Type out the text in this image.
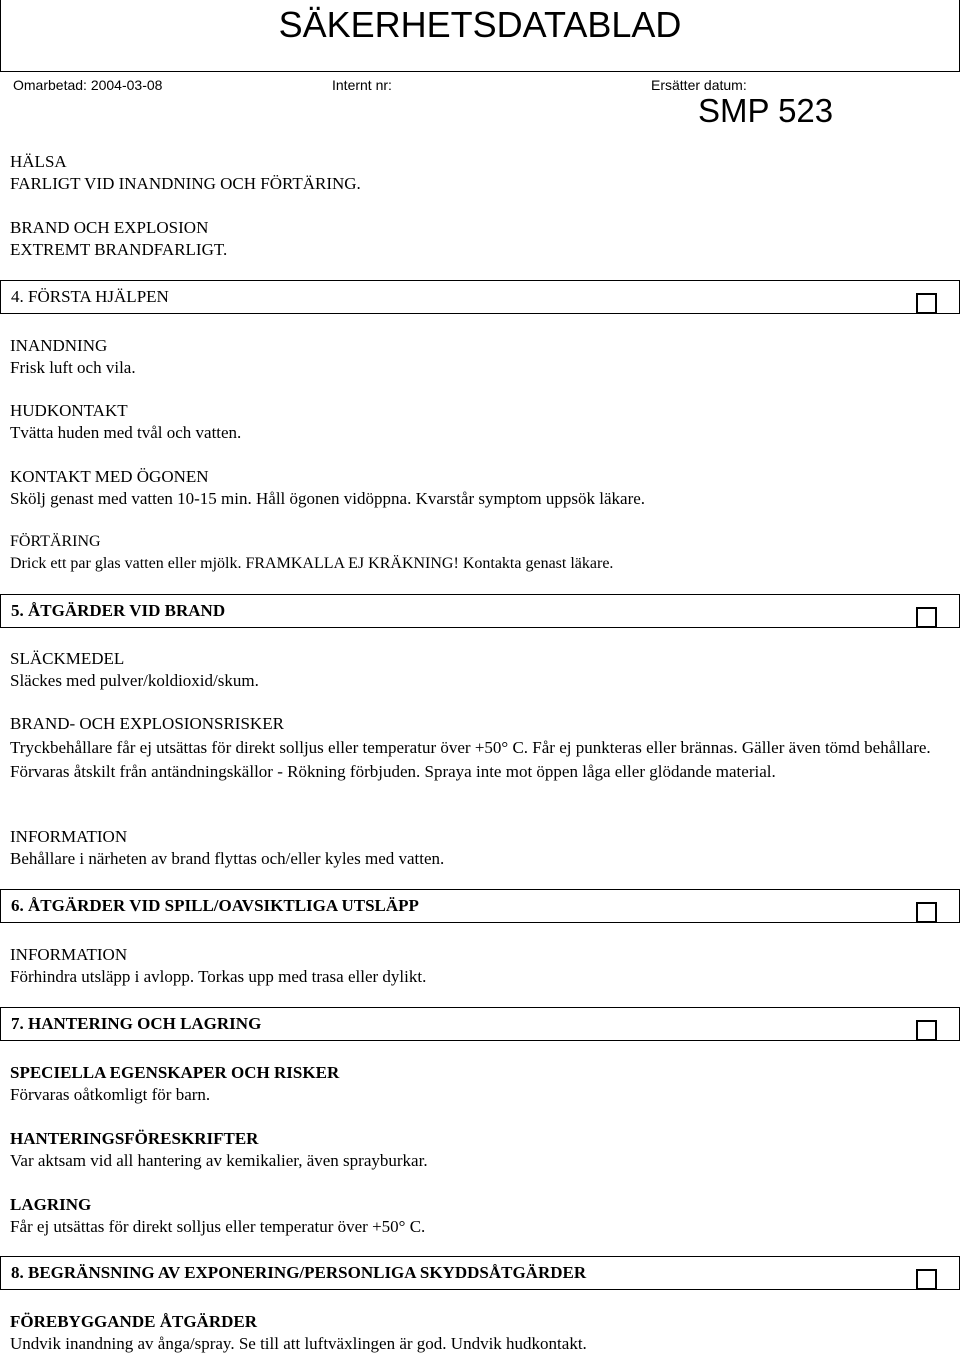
SÄKERHETSDATABLAD
Omarbetad: 2004-03-08	Internt nr:	Ersätter datum:
SMP 523
HÄLSA
FARLIGT VID INANDNING OCH FÖRTÄRING.
BRAND OCH EXPLOSION
EXTREMT BRANDFARLIGT.
4. FÖRSTA HJÄLPEN
INANDNING
Frisk luft och vila.
HUDKONTAKT
Tvätta huden med tvål och vatten.
KONTAKT MED ÖGONEN
Skölj genast med vatten 10-15 min. Håll ögonen vidöppna. Kvarstår symptom uppsök läkare.
FÖRTÄRING
Drick ett par glas vatten eller mjölk. FRAMKALLA EJ KRÄKNING! Kontakta genast läkare.
5. ÅTGÄRDER VID BRAND
SLÄCKMEDEL
Släckes med pulver/koldioxid/skum.
BRAND- OCH EXPLOSIONSRISKER
Tryckbehållare får ej utsättas för direkt solljus eller temperatur över +50° C. Får ej punkteras eller brännas. Gäller även tömd behållare. Förvaras åtskilt från antändningskällor - Rökning förbjuden. Spraya inte mot öppen låga eller glödande material.
INFORMATION
Behållare i närheten av brand flyttas och/eller kyles med vatten.
6. ÅTGÄRDER VID SPILL/OAVSIKTLIGA UTSLÄPP
INFORMATION
Förhindra utsläpp i avlopp. Torkas upp med trasa eller dylikt.
7. HANTERING OCH LAGRING
SPECIELLA EGENSKAPER OCH RISKER
Förvaras oåtkomligt för barn.
HANTERINGSFÖRESKRIFTER
Var aktsam vid all hantering av kemikalier, även sprayburkar.
LAGRING
Får ej utsättas för direkt solljus eller temperatur över +50° C.
8. BEGRÄNSNING AV EXPONERING/PERSONLIGA SKYDDSÅTGÄRDER
FÖREBYGGANDE ÅTGÄRDER
Undvik inandning av ånga/spray. Se till att luftväxlingen är god. Undvik hudkontakt.
